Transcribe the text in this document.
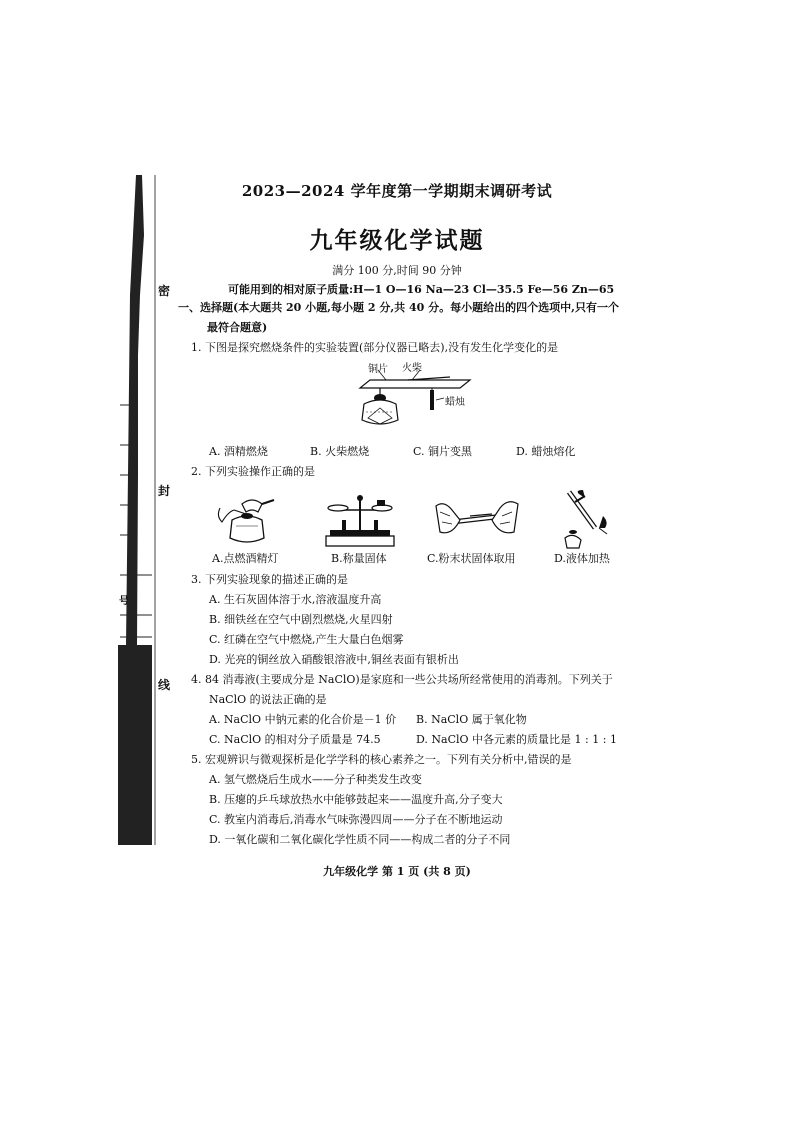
密
封
线
号
2023—2024 学年度第一学期期末调研考试
九年级化学试题
满分 100 分,时间 90 分钟
可能用到的相对原子质量:H—1 O—16 Na—23 Cl—35.5 Fe—56 Zn—65
一、选择题(本大题共 20 小题,每小题 2 分,共 40 分。每小题给出的四个选项中,只有一个
最符合题意)
1. 下图是探究燃烧条件的实验装置(部分仪器已略去),没有发生化学变化的是
铜片 火柴
蜡烛
A. 酒精燃烧	B. 火柴燃烧	C. 铜片变黑	D. 蜡烛熔化
2. 下列实验操作正确的是
A.点燃酒精灯	B.称量固体	C.粉末状固体取用	D.液体加热
3. 下列实验现象的描述正确的是
A. 生石灰固体溶于水,溶液温度升高
B. 细铁丝在空气中剧烈燃烧,火星四射
C. 红磷在空气中燃烧,产生大量白色烟雾
D. 光亮的铜丝放入硝酸银溶液中,铜丝表面有银析出
4. 84 消毒液(主要成分是 NaClO)是家庭和一些公共场所经常使用的消毒剂。下列关于
NaClO 的说法正确的是
A. NaClO 中钠元素的化合价是－1 价 B. NaClO 属于氧化物
C. NaClO 的相对分子质量是 74.5	D. NaClO 中各元素的质量比是 1 : 1 : 1
5. 宏观辨识与微观探析是化学学科的核心素养之一。下列有关分析中,错误的是
A. 氢气燃烧后生成水——分子种类发生改变
B. 压瘪的乒乓球放热水中能够鼓起来——温度升高,分子变大
C. 教室内消毒后,消毒水气味弥漫四周——分子在不断地运动
D. 一氧化碳和二氧化碳化学性质不同——构成二者的分子不同
九年级化学 第 1 页 (共 8 页)
